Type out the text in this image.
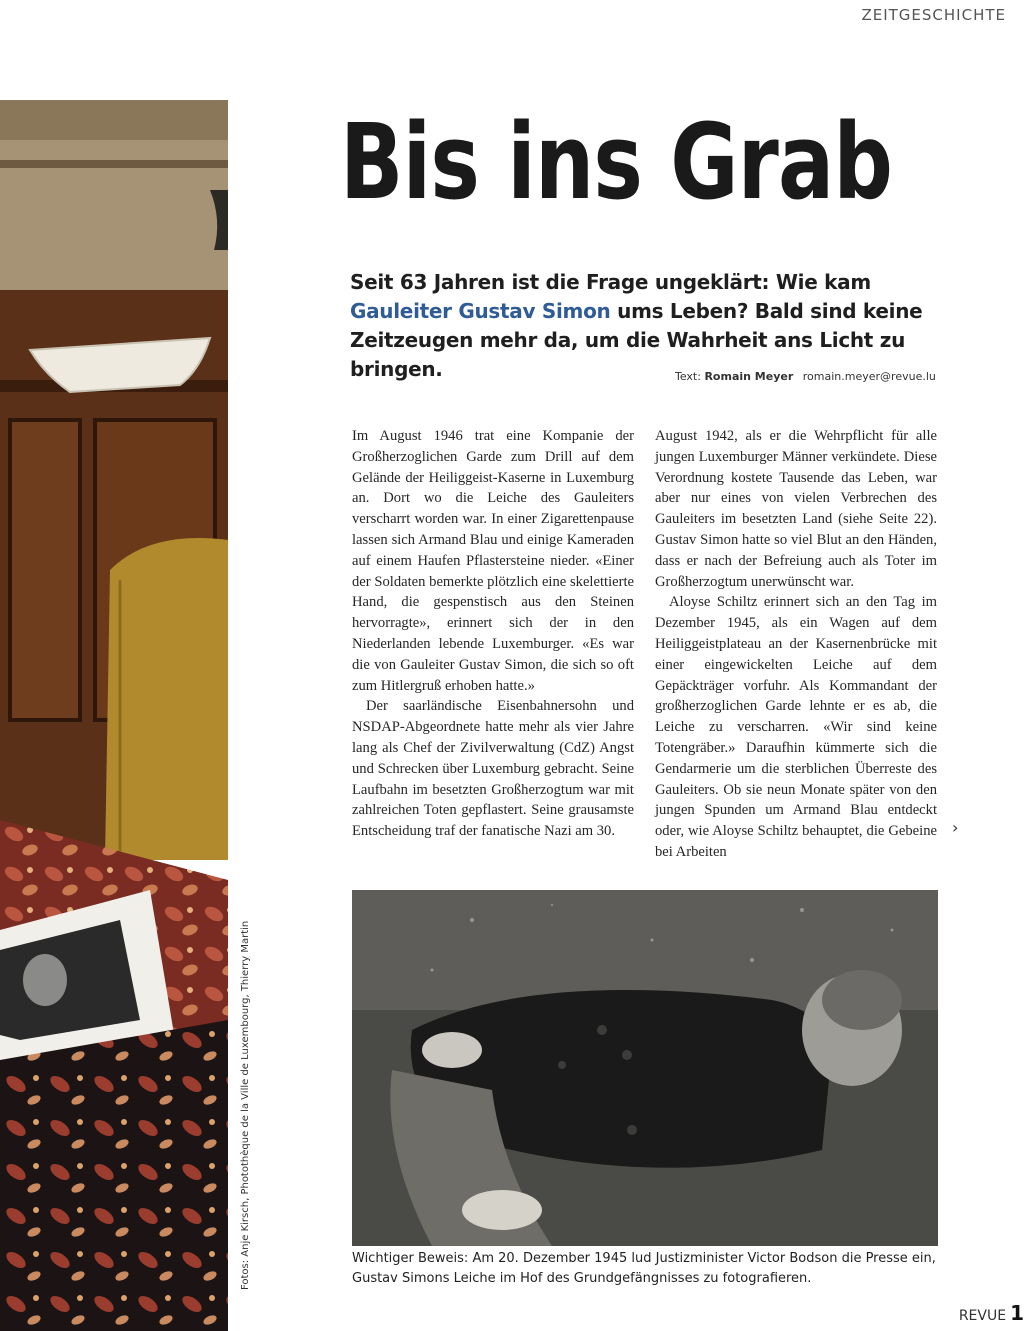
ZEITGESCHICHTE
Bis ins Grab
Seit 63 Jahren ist die Frage ungeklärt: Wie kam Gauleiter Gustav Simon ums Leben? Bald sind keine Zeitzeugen mehr da, um die Wahrheit ans Licht zu bringen.	Text: Romain Meyer romain.meyer@revue.lu

Im August 1946 trat eine Kompanie der Großherzoglichen Garde zum Drill auf dem Gelände der Heiliggeist-Kaserne in Luxemburg an. Dort wo die Leiche des Gauleiters verscharrt worden war. In einer Zigarettenpause lassen sich Armand Blau und einige Kameraden auf einem Haufen Pflastersteine nieder. «Einer der Soldaten bemerkte plötzlich eine skelettierte Hand, die gespenstisch aus den Steinen hervorragte», erinnert sich der in den Niederlanden lebende Luxemburger. «Es war die von Gauleiter Gustav Simon, die sich so oft zum Hitlergruß erhoben hatte.»

Der saarländische Eisenbahnersohn und NSDAP-Abgeordnete hatte mehr als vier Jahre lang als Chef der Zivilverwaltung (CdZ) Angst und Schrecken über Luxemburg gebracht. Seine Laufbahn im besetzten Großherzogtum war mit zahlreichen Toten gepflastert. Seine grausamste Entscheidung traf der fanatische Nazi am 30.

August 1942, als er die Wehrpflicht für alle jungen Luxemburger Männer verkündete. Diese Verordnung kostete Tausende das Leben, war aber nur eines von vielen Verbrechen des Gauleiters im besetzten Land (siehe Seite 22). Gustav Simon hatte so viel Blut an den Händen, dass er nach der Befreiung auch als Toter im Großherzogtum unerwünscht war.

Aloyse Schiltz erinnert sich an den Tag im Dezember 1945, als ein Wagen auf dem Heiliggeistplateau an der Kasernenbrücke mit einer eingewickelten Leiche auf dem Gepäckträger vorfuhr. Als Kommandant der großherzoglichen Garde lehnte er es ab, die Leiche zu verscharren. «Wir sind keine Totengräber.» Daraufhin kümmerte sich die Gendarmerie um die sterblichen Überreste des Gauleiters. Ob sie neun Monate später von den jungen Spunden um Armand Blau entdeckt oder, wie Aloyse Schiltz behauptet, die Gebeine bei Arbeiten

›
Wichtiger Beweis: Am 20. Dezember 1945 lud Justizminister Victor Bodson die Presse ein, Gustav Simons Leiche im Hof des Grundgefängnisses zu fotografieren.
Fotos: Anje Kirsch, Photothèque de la Ville de Luxembourg, Thierry Martin
REVUE 1
